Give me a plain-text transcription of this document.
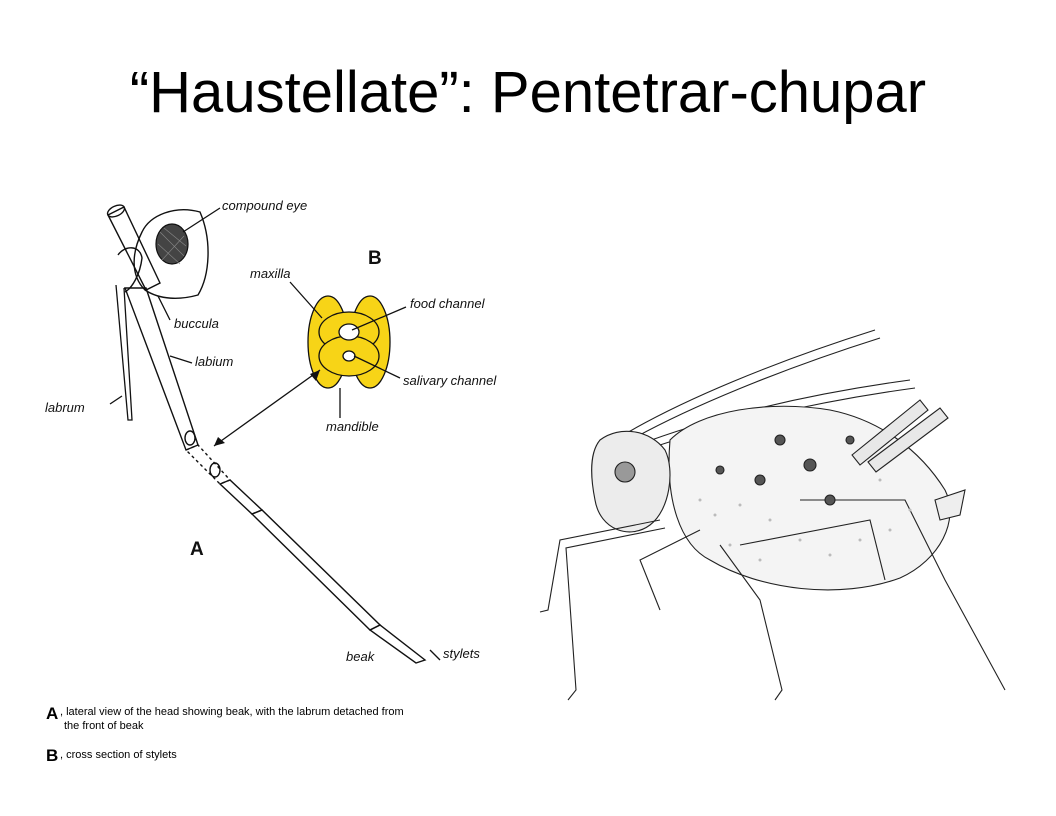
“Haustellate”: Pentetrar-chupar
compound eye
buccula
labium
labrum
maxilla
food channel
salivary channel
mandible
beak	stylets
B
A
A , lateral view of the head showing beak, with the labrum detached from
the front of beak
B , cross section of stylets
